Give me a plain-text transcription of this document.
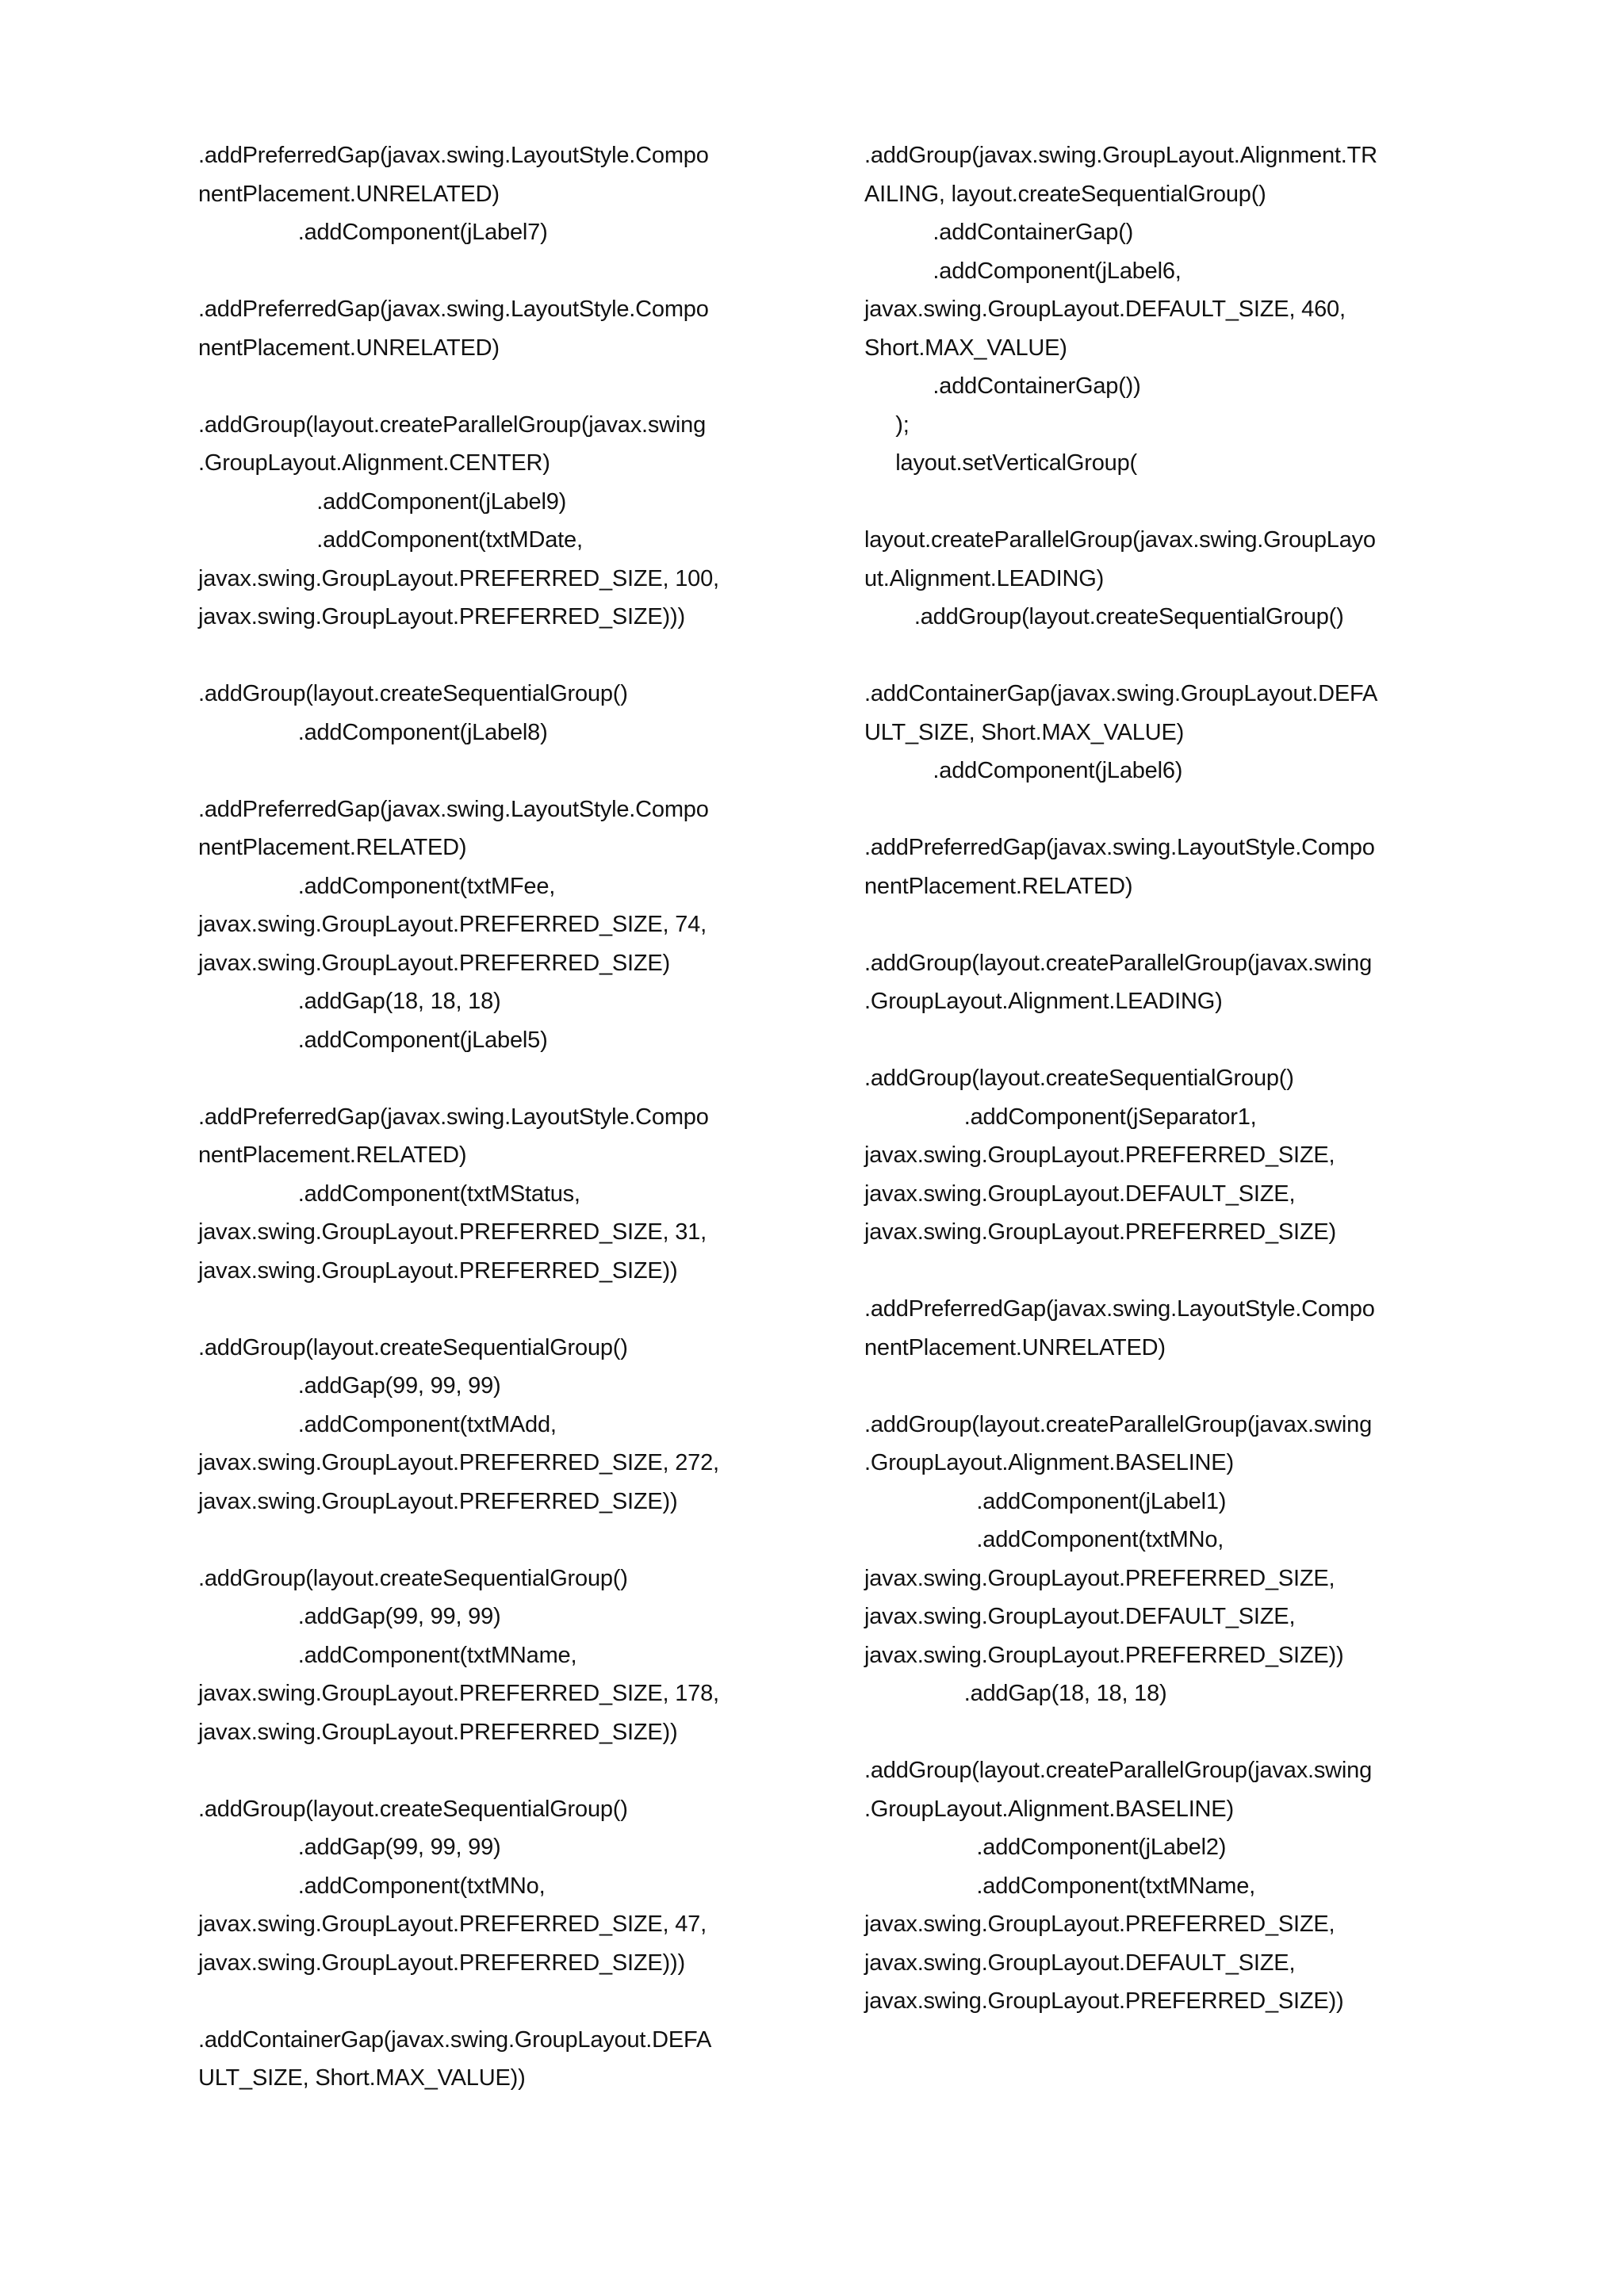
.addPreferredGap(javax.swing.LayoutStyle.Compo
nentPlacement.UNRELATED)
.addComponent(jLabel7)
.addPreferredGap(javax.swing.LayoutStyle.Compo
nentPlacement.UNRELATED)
.addGroup(layout.createParallelGroup(javax.swing
.GroupLayout.Alignment.CENTER)
.addComponent(jLabel9)
.addComponent(txtMDate,
javax.swing.GroupLayout.PREFERRED_SIZE, 100,
javax.swing.GroupLayout.PREFERRED_SIZE)))
.addGroup(layout.createSequentialGroup()
.addComponent(jLabel8)
.addPreferredGap(javax.swing.LayoutStyle.Compo
nentPlacement.RELATED)
.addComponent(txtMFee,
javax.swing.GroupLayout.PREFERRED_SIZE, 74,
javax.swing.GroupLayout.PREFERRED_SIZE)
.addGap(18, 18, 18)
.addComponent(jLabel5)
.addPreferredGap(javax.swing.LayoutStyle.Compo
nentPlacement.RELATED)
.addComponent(txtMStatus,
javax.swing.GroupLayout.PREFERRED_SIZE, 31,
javax.swing.GroupLayout.PREFERRED_SIZE))
.addGroup(layout.createSequentialGroup()
.addGap(99, 99, 99)
.addComponent(txtMAdd,
javax.swing.GroupLayout.PREFERRED_SIZE, 272,
javax.swing.GroupLayout.PREFERRED_SIZE))
.addGroup(layout.createSequentialGroup()
.addGap(99, 99, 99)
.addComponent(txtMName,
javax.swing.GroupLayout.PREFERRED_SIZE, 178,
javax.swing.GroupLayout.PREFERRED_SIZE))
.addGroup(layout.createSequentialGroup()
.addGap(99, 99, 99)
.addComponent(txtMNo,
javax.swing.GroupLayout.PREFERRED_SIZE, 47,
javax.swing.GroupLayout.PREFERRED_SIZE)))
.addContainerGap(javax.swing.GroupLayout.DEFA
ULT_SIZE, Short.MAX_VALUE))
.addGroup(javax.swing.GroupLayout.Alignment.TR
AILING, layout.createSequentialGroup()
.addContainerGap()
.addComponent(jLabel6,
javax.swing.GroupLayout.DEFAULT_SIZE, 460,
Short.MAX_VALUE)
.addContainerGap())
);
layout.setVerticalGroup(
layout.createParallelGroup(javax.swing.GroupLayo
ut.Alignment.LEADING)
.addGroup(layout.createSequentialGroup()
.addContainerGap(javax.swing.GroupLayout.DEFA
ULT_SIZE, Short.MAX_VALUE)
.addComponent(jLabel6)
.addPreferredGap(javax.swing.LayoutStyle.Compo
nentPlacement.RELATED)
.addGroup(layout.createParallelGroup(javax.swing
.GroupLayout.Alignment.LEADING)
.addGroup(layout.createSequentialGroup()
.addComponent(jSeparator1,
javax.swing.GroupLayout.PREFERRED_SIZE,
javax.swing.GroupLayout.DEFAULT_SIZE,
javax.swing.GroupLayout.PREFERRED_SIZE)
.addPreferredGap(javax.swing.LayoutStyle.Compo
nentPlacement.UNRELATED)
.addGroup(layout.createParallelGroup(javax.swing
.GroupLayout.Alignment.BASELINE)
.addComponent(jLabel1)
.addComponent(txtMNo,
javax.swing.GroupLayout.PREFERRED_SIZE,
javax.swing.GroupLayout.DEFAULT_SIZE,
javax.swing.GroupLayout.PREFERRED_SIZE))
.addGap(18, 18, 18)
.addGroup(layout.createParallelGroup(javax.swing
.GroupLayout.Alignment.BASELINE)
.addComponent(jLabel2)
.addComponent(txtMName,
javax.swing.GroupLayout.PREFERRED_SIZE,
javax.swing.GroupLayout.DEFAULT_SIZE,
javax.swing.GroupLayout.PREFERRED_SIZE))
